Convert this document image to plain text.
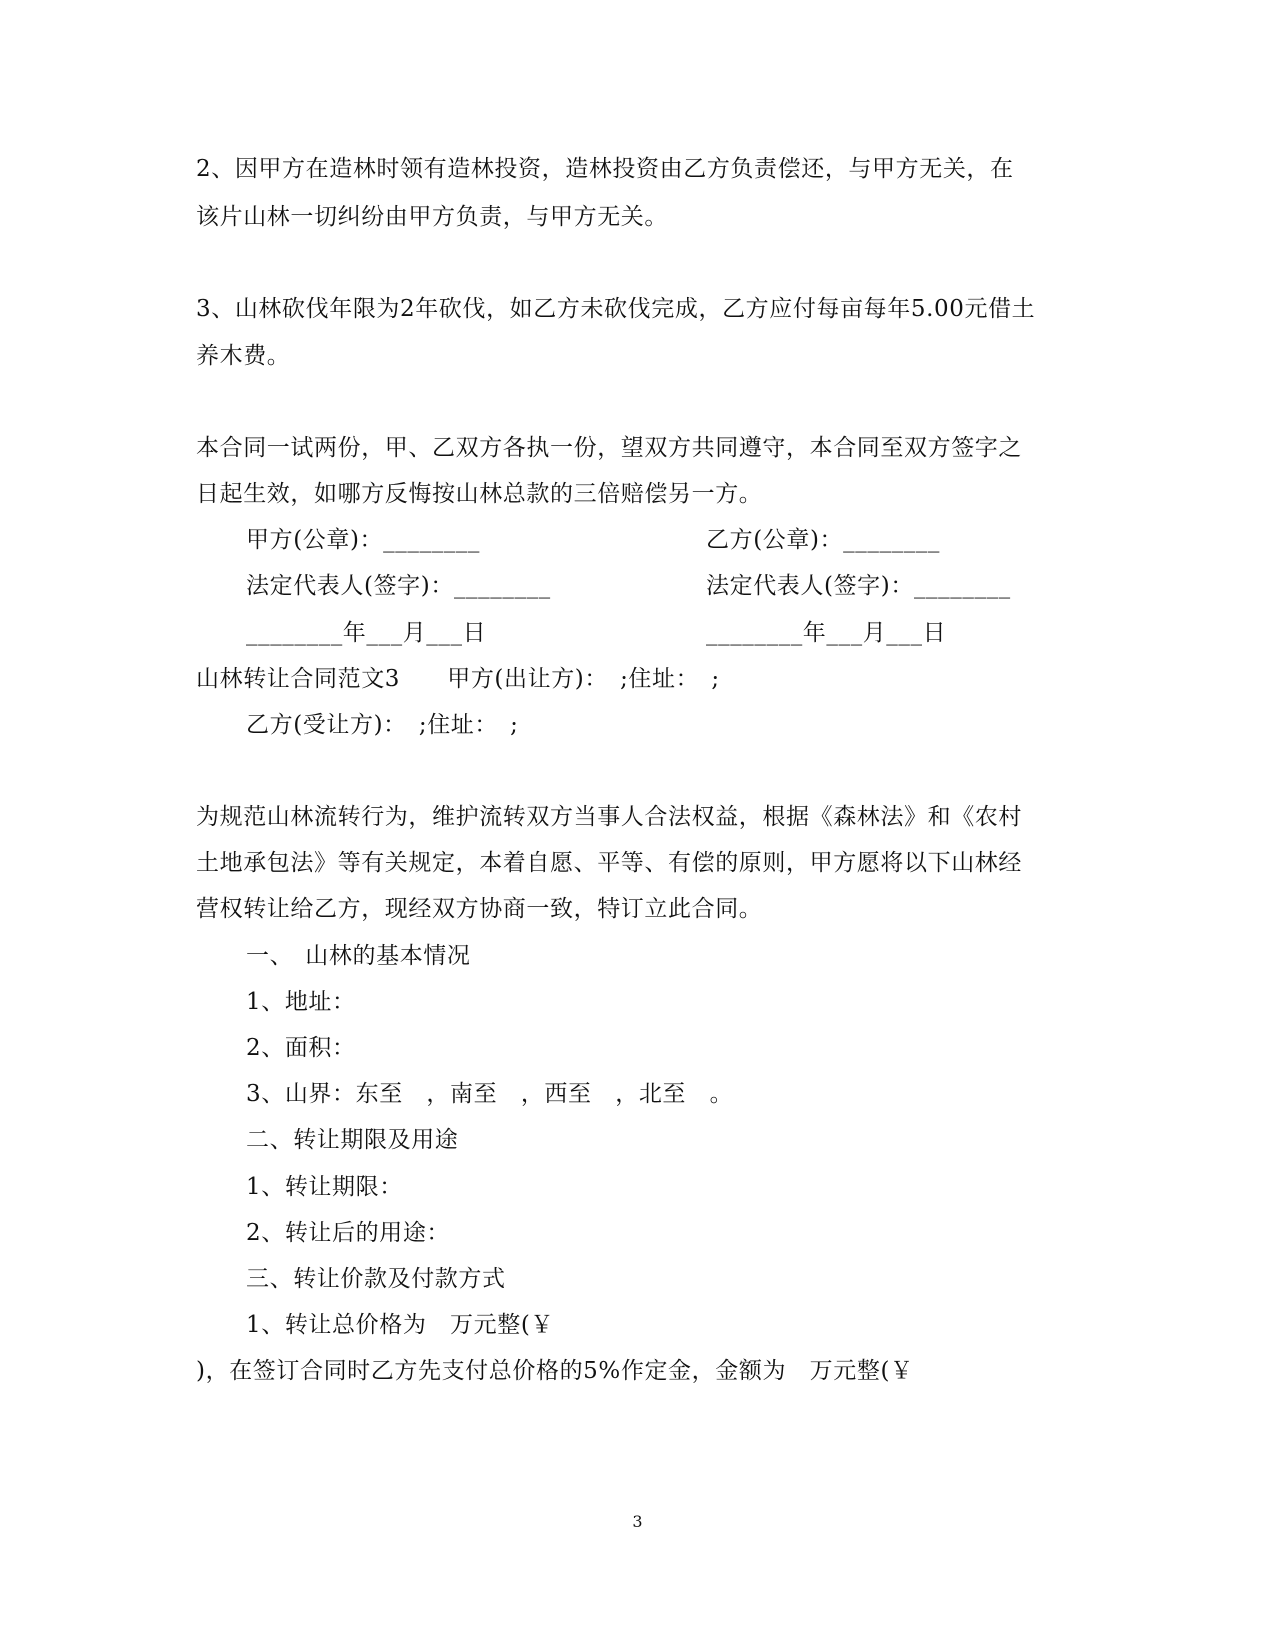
2、因甲方在造林时领有造林投资，造林投资由乙方负责偿还，与甲方无关，在
该片山林一切纠纷由甲方负责，与甲方无关。
3、山林砍伐年限为2年砍伐，如乙方未砍伐完成，乙方应付每亩每年5.00元借土
养木费。
本合同一试两份，甲、乙双方各执一份，望双方共同遵守，本合同至双方签字之
日起生效，如哪方反悔按山林总款的三倍赔偿另一方。
甲方(公章)：________	乙方(公章)：________
法定代表人(签字)：________	法定代表人(签字)：________
________年___月___日	________年___月___日
山林转让合同范文3　　甲方(出让方)：　;住址：　;
乙方(受让方)：　;住址：　;
为规范山林流转行为，维护流转双方当事人合法权益，根据《森林法》和《农村
土地承包法》等有关规定，本着自愿、平等、有偿的原则，甲方愿将以下山林经
营权转让给乙方，现经双方协商一致，特订立此合同。
一、　山林的基本情况
1、地址：
2、面积：
3、山界：东至　，南至　，西至　，北至　。
二、转让期限及用途
1、转让期限：
2、转让后的用途：
三、转让价款及付款方式
1、转让总价格为　万元整(￥
)，在签订合同时乙方先支付总价格的5%作定金，金额为　万元整(￥
3
